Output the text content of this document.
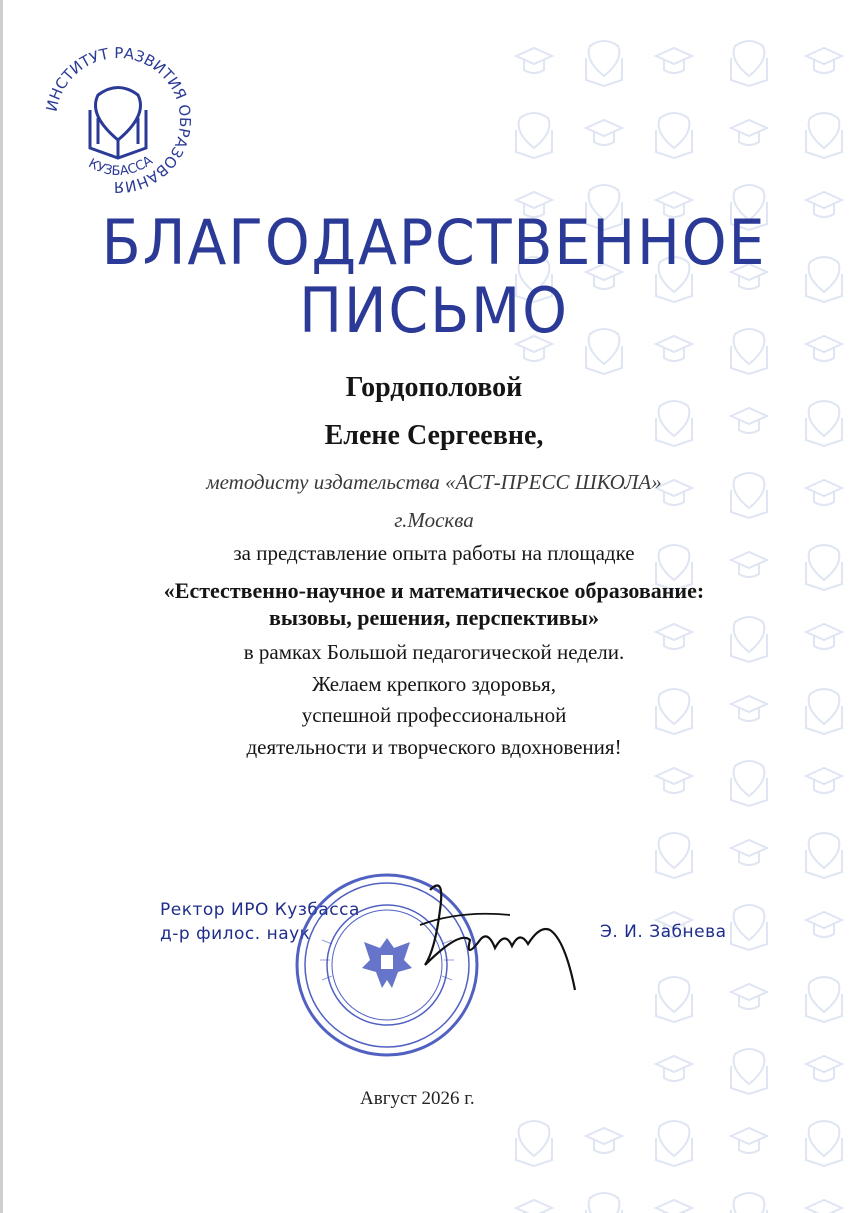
ИНСТИТУТ РАЗВИТИЯ ОБРАЗОВАНИЯ
КУЗБАССА
БЛАГОДАРСТВЕННОЕ
ПИСЬМО
Гордополовой
Елене Сергеевне,
методисту издательства «АСТ-ПРЕСС ШКОЛА»
г.Москва
за представление опыта работы на площадке
«Естественно-научное и математическое образование:
вызовы, решения, перспективы»
в рамках Большой педагогической недели.
Желаем крепкого здоровья,
успешной профессиональной
деятельности и творческого вдохновения!
Ректор ИРО Кузбасса
д-р филос. наук	Э. И. Забнева
Август 2026 г.
